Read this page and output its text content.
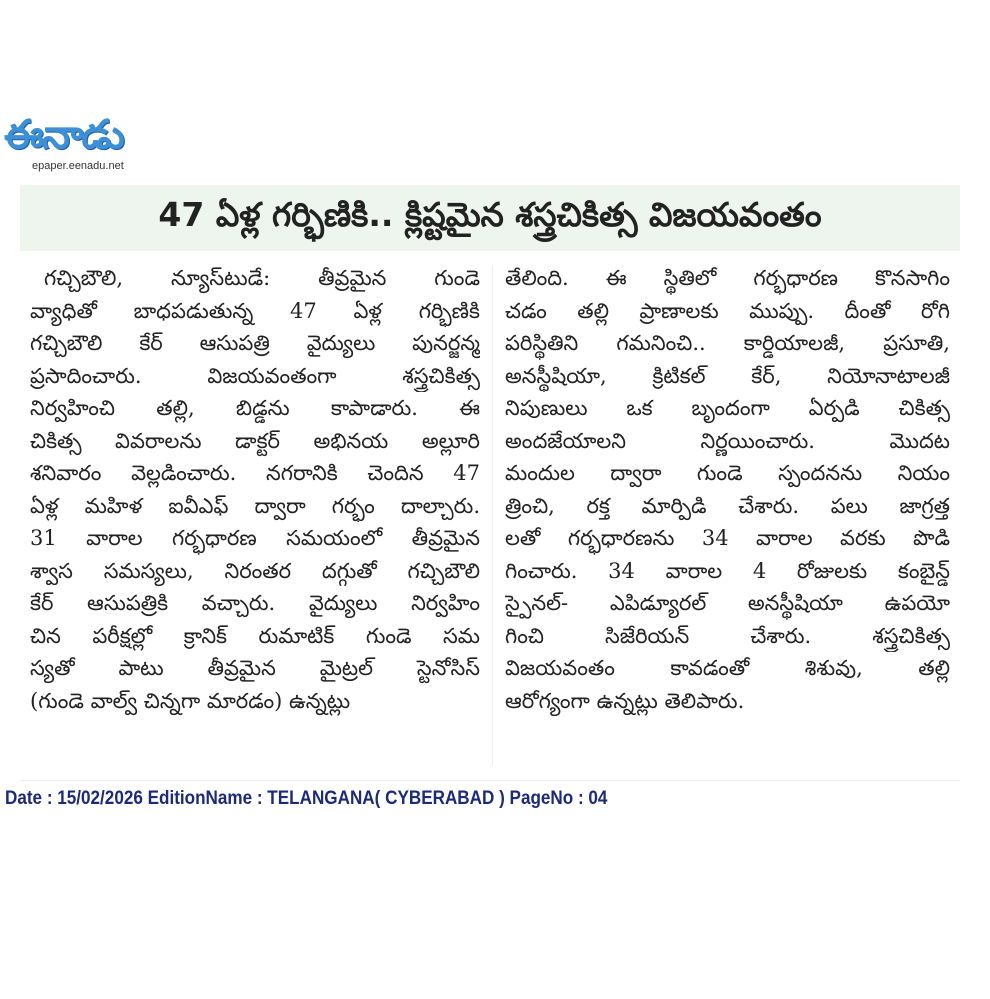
ఈనాడు
epaper.eenadu.net
47 ఏళ్ల గర్భిణికి.. క్లిష్టమైన శస్త్రచికిత్స విజయవంతం
గచ్చిబౌలి, న్యూస్‌టుడే: తీవ్రమైన గుండె
వ్యాధితో బాధపడుతున్న 47 ఏళ్ల గర్భిణికి
గచ్చిబౌలి కేర్ ఆసుపత్రి వైద్యులు పునర్జన్మ
ప్రసాదించారు. విజయవంతంగా శస్త్రచికిత్స
నిర్వహించి తల్లి, బిడ్డను కాపాడారు. ఈ
చికిత్స వివరాలను డాక్టర్ అభినయ అల్లూరి
శనివారం వెల్లడించారు. నగరానికి చెందిన 47
ఏళ్ల మహిళ ఐవీఎఫ్ ద్వారా గర్భం దాల్చారు.
31 వారాల గర్భధారణ సమయంలో తీవ్రమైన
శ్వాస సమస్యలు, నిరంతర దగ్గుతో గచ్చిబౌలి
కేర్ ఆసుపత్రికి వచ్చారు. వైద్యులు నిర్వహిం
చిన పరీక్షల్లో క్రానిక్ రుమాటిక్ గుండె సమ
స్యతో పాటు తీవ్రమైన మైట్రల్ స్టెనోసిస్
(గుండె వాల్వ్ చిన్నగా మారడం) ఉన్నట్లు
తేలింది. ఈ స్థితిలో గర్భధారణ కొనసాగిం
చడం తల్లి ప్రాణాలకు ముప్పు. దీంతో రోగి
పరిస్థితిని గమనించి.. కార్డియాలజీ, ప్రసూతి,
అనస్థీషియా, క్రిటికల్ కేర్, నియోనాటాలజీ
నిపుణులు ఒక బృందంగా ఏర్పడి చికిత్స
అందజేయాలని నిర్ణయించారు. మొదట
మందుల ద్వారా గుండె స్పందనను నియం
త్రించి, రక్త మార్పిడి చేశారు. పలు జాగ్రత్త
లతో గర్భధారణను 34 వారాల వరకు పొడి
గించారు. 34 వారాల 4 రోజులకు కంబైన్డ్
స్పైనల్- ఎపిడ్యూరల్ అనస్థీషియా ఉపయో
గించి సిజేరియన్ చేశారు. శస్త్రచికిత్స
విజయవంతం కావడంతో శిశువు, తల్లి
ఆరోగ్యంగా ఉన్నట్లు తెలిపారు.
Date : 15/02/2026 EditionName : TELANGANA( CYBERABAD ) PageNo : 04
